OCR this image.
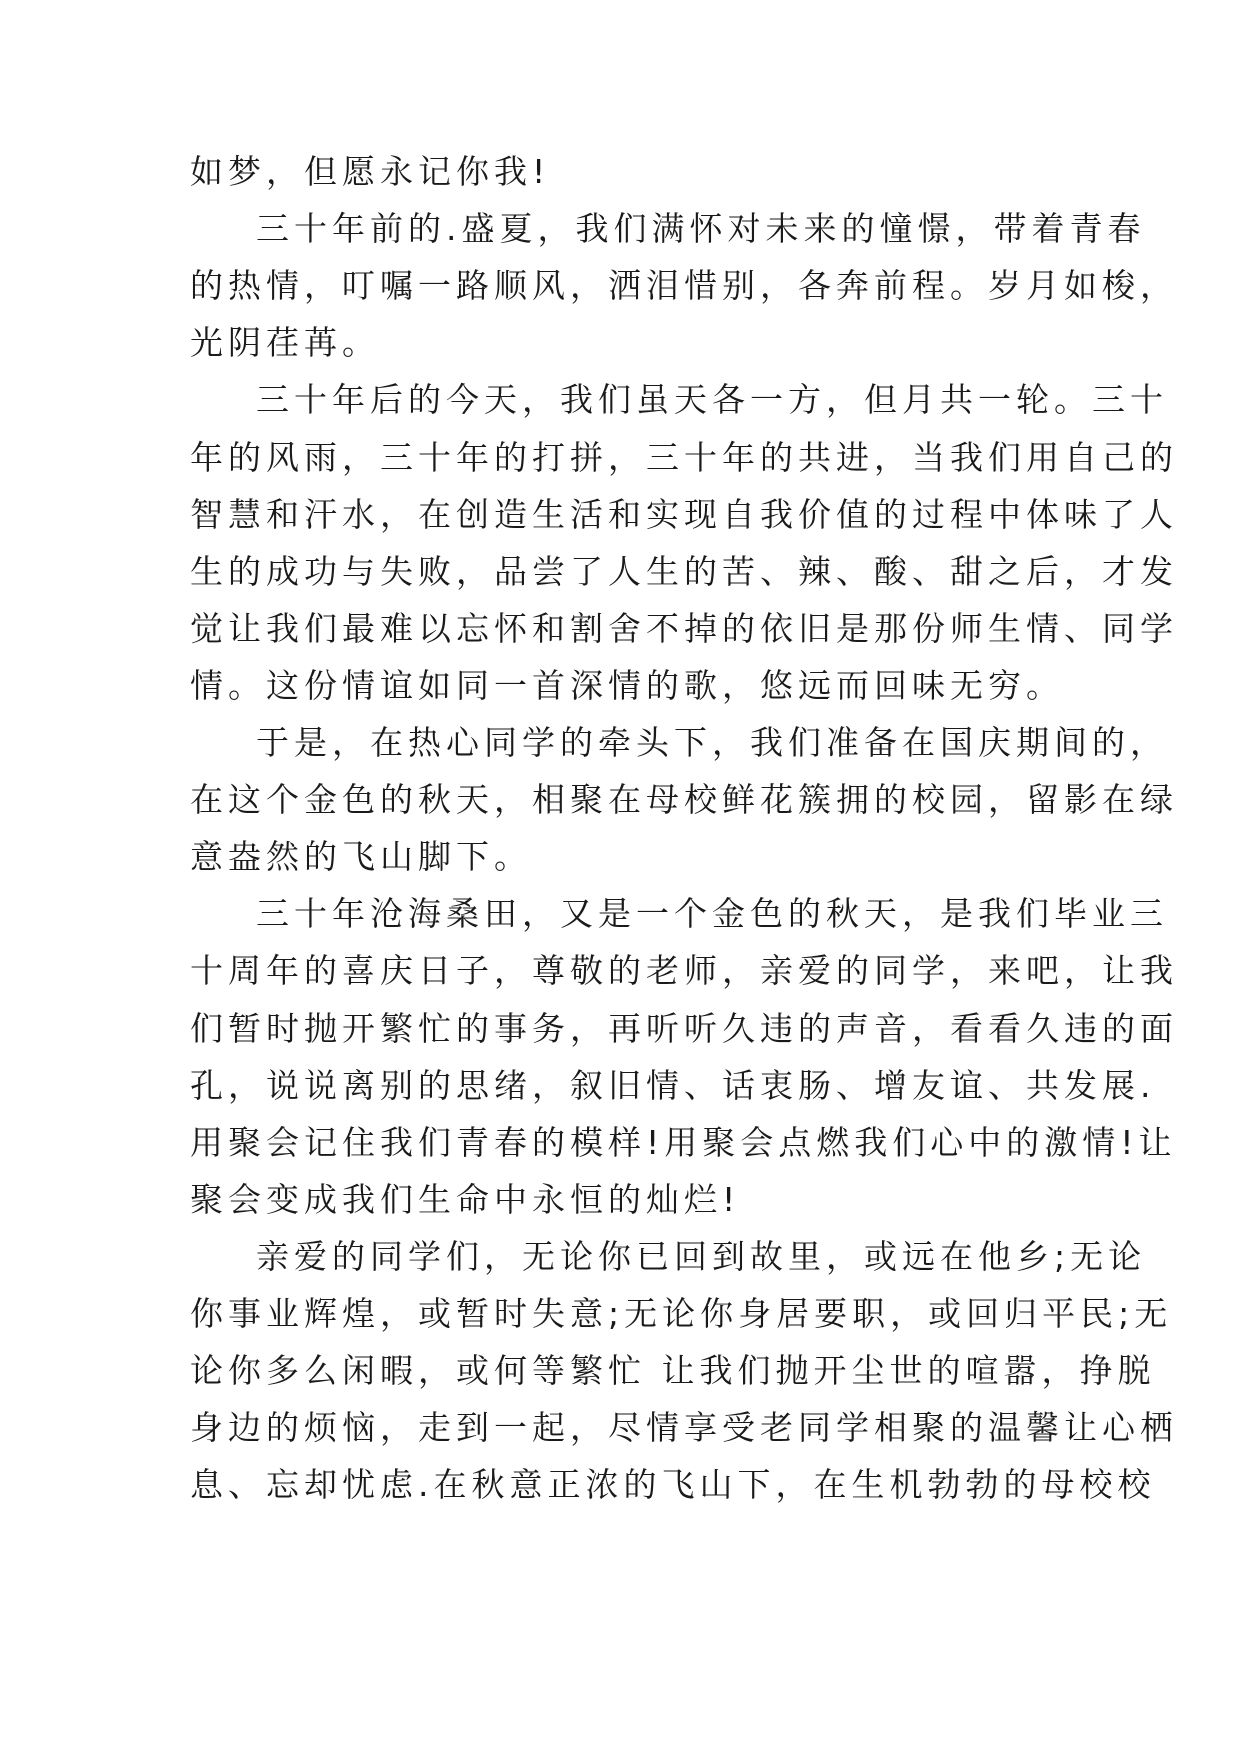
如梦，但愿永记你我!
三十年前的.盛夏，我们满怀对未来的憧憬，带着青春
的热情，叮嘱一路顺风，洒泪惜别，各奔前程。岁月如梭，
光阴荏苒。
三十年后的今天，我们虽天各一方，但月共一轮。三十
年的风雨，三十年的打拼，三十年的共进，当我们用自己的
智慧和汗水，在创造生活和实现自我价值的过程中体味了人
生的成功与失败，品尝了人生的苦、辣、酸、甜之后，才发
觉让我们最难以忘怀和割舍不掉的依旧是那份师生情、同学
情。这份情谊如同一首深情的歌，悠远而回味无穷。
于是，在热心同学的牵头下，我们准备在国庆期间的，
在这个金色的秋天，相聚在母校鲜花簇拥的校园，留影在绿
意盎然的飞山脚下。
三十年沧海桑田，又是一个金色的秋天，是我们毕业三
十周年的喜庆日子，尊敬的老师，亲爱的同学，来吧，让我
们暂时抛开繁忙的事务，再听听久违的声音，看看久违的面
孔，说说离别的思绪，叙旧情、话衷肠、增友谊、共发展.
用聚会记住我们青春的模样!用聚会点燃我们心中的激情!让
聚会变成我们生命中永恒的灿烂!
亲爱的同学们，无论你已回到故里，或远在他乡;无论
你事业辉煌，或暂时失意;无论你身居要职，或回归平民;无
论你多么闲暇，或何等繁忙 让我们抛开尘世的喧嚣，挣脱
身边的烦恼，走到一起，尽情享受老同学相聚的温馨让心栖
息、忘却忧虑.在秋意正浓的飞山下，在生机勃勃的母校校
